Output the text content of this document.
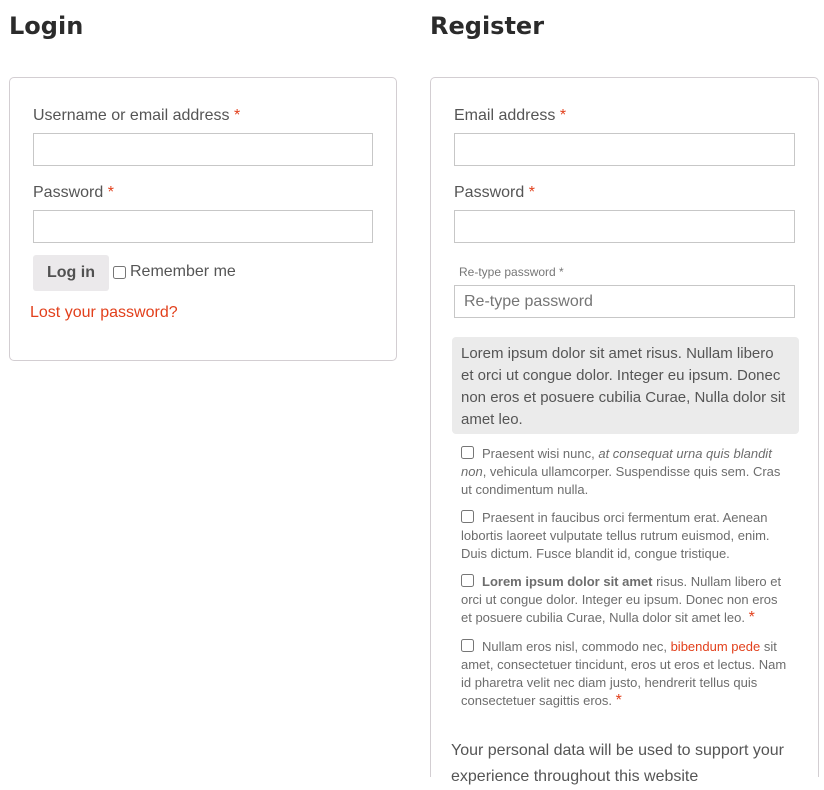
Login	Register
Username or email address *
Password *
Log in	Remember me
Lost your password?
Email address *
Password *
Re-type password *
Lorem ipsum dolor sit amet risus. Nullam libero et orci ut congue dolor. Integer eu ipsum. Donec non eros et posuere cubilia Curae, Nulla dolor sit amet leo.
Praesent wisi nunc, at consequat urna quis blandit non, vehicula ullamcorper. Suspendisse quis sem. Cras ut condimentum nulla.
Praesent in faucibus orci fermentum erat. Aenean lobortis laoreet vulputate tellus rutrum euismod, enim. Duis dictum. Fusce blandit id, congue tristique.
Lorem ipsum dolor sit amet risus. Nullam libero et orci ut congue dolor. Integer eu ipsum. Donec non eros et posuere cubilia Curae, Nulla dolor sit amet leo. *
Nullam eros nisl, commodo nec, bibendum pede sit amet, consectetuer tincidunt, eros ut eros et lectus. Nam id pharetra velit nec diam justo, hendrerit tellus quis consectetuer sagittis eros. *

Your personal data will be used to support your experience throughout this website
